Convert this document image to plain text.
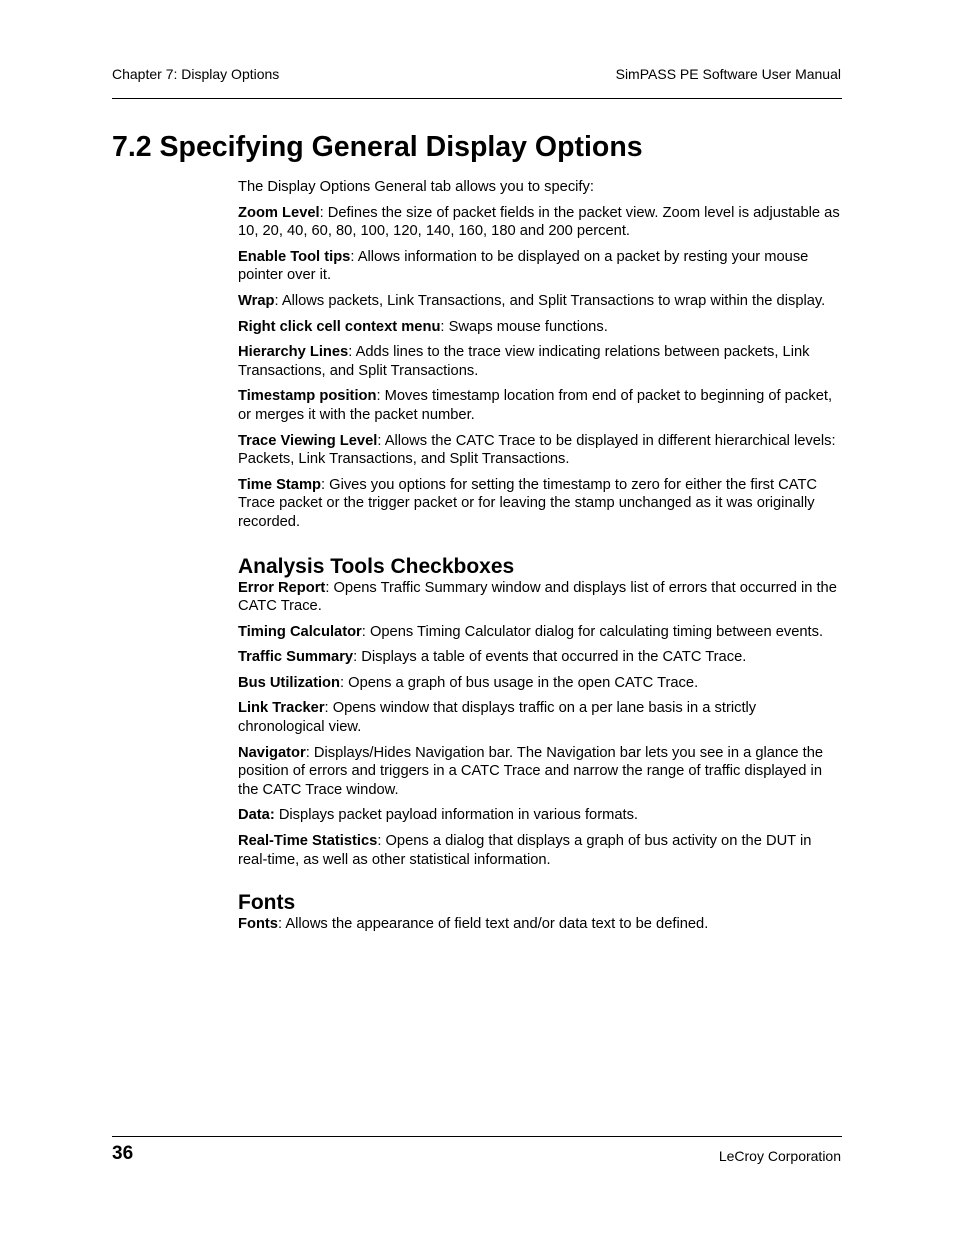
Chapter 7: Display Options	SimPASS PE Software User Manual
7.2 Specifying General Display Options

The Display Options General tab allows you to specify:

Zoom Level: Defines the size of packet fields in the packet view. Zoom level is adjustable as 10, 20, 40, 60, 80, 100, 120, 140, 160, 180 and 200 percent.

Enable Tool tips: Allows information to be displayed on a packet by resting your mouse pointer over it.

Wrap: Allows packets, Link Transactions, and Split Transactions to wrap within the display.

Right click cell context menu: Swaps mouse functions.

Hierarchy Lines: Adds lines to the trace view indicating relations between packets, Link Transactions, and Split Transactions.

Timestamp position: Moves timestamp location from end of packet to beginning of packet, or merges it with the packet number.

Trace Viewing Level: Allows the CATC Trace to be displayed in different hierarchical levels: Packets, Link Transactions, and Split Transactions.

Time Stamp: Gives you options for setting the timestamp to zero for either the first CATC Trace packet or the trigger packet or for leaving the stamp unchanged as it was originally recorded.

Analysis Tools Checkboxes

Error Report: Opens Traffic Summary window and displays list of errors that occurred in the CATC Trace.

Timing Calculator: Opens Timing Calculator dialog for calculating timing between events.

Traffic Summary: Displays a table of events that occurred in the CATC Trace.

Bus Utilization: Opens a graph of bus usage in the open CATC Trace.

Link Tracker: Opens window that displays traffic on a per lane basis in a strictly chronological view.

Navigator: Displays/Hides Navigation bar. The Navigation bar lets you see in a glance the position of errors and triggers in a CATC Trace and narrow the range of traffic displayed in the CATC Trace window.

Data: Displays packet payload information in various formats.

Real-Time Statistics: Opens a dialog that displays a graph of bus activity on the DUT in real-time, as well as other statistical information.

Fonts

Fonts: Allows the appearance of field text and/or data text to be defined.

36	LeCroy Corporation
